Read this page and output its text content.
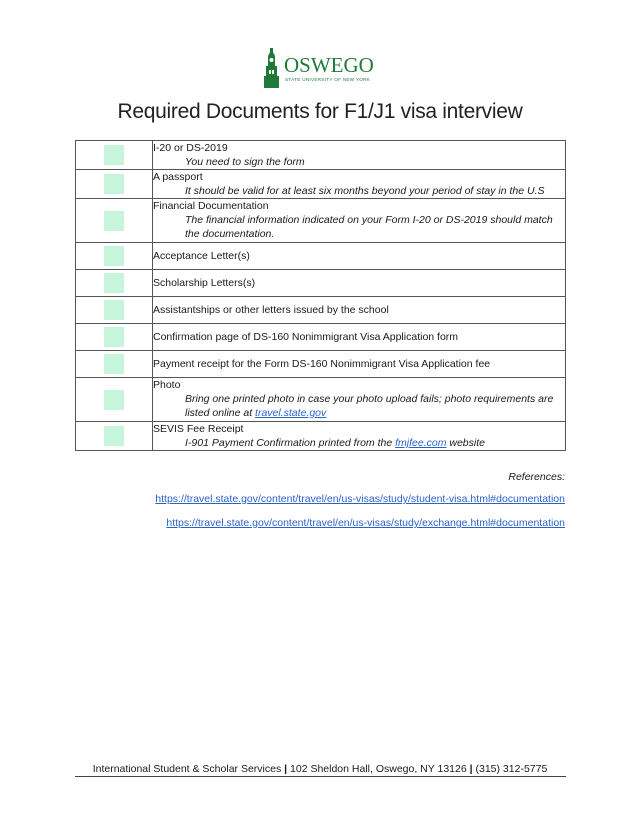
OSWEGO
STATE UNIVERSITY OF NEW YORK
Required Documents for F1/J1 visa interview

	I-20 or DS-2019
You need to sign the form

	A passport
It should be valid for at least six months beyond your period of stay in the U.S

	Financial Documentation
The financial information indicated on your Form I-20 or DS-2019 should match the documentation.

	Acceptance Letter(s)

	Scholarship Letters(s)

	Assistantships or other letters issued by the school

	Confirmation page of DS-160 Nonimmigrant Visa Application form

	Payment receipt for the Form DS-160 Nonimmigrant Visa Application fee

	Photo
Bring one printed photo in case your photo upload fails; photo requirements are listed online at travel.state.gov

	SEVIS Fee Receipt
I-901 Payment Confirmation printed from the fmjfee.com website
References:
https://travel.state.gov/content/travel/en/us-visas/study/student-visa.html#documentation
https://travel.state.gov/content/travel/en/us-visas/study/exchange.html#documentation
International Student & Scholar Services | 102 Sheldon Hall, Oswego, NY 13126 | (315) 312-5775
